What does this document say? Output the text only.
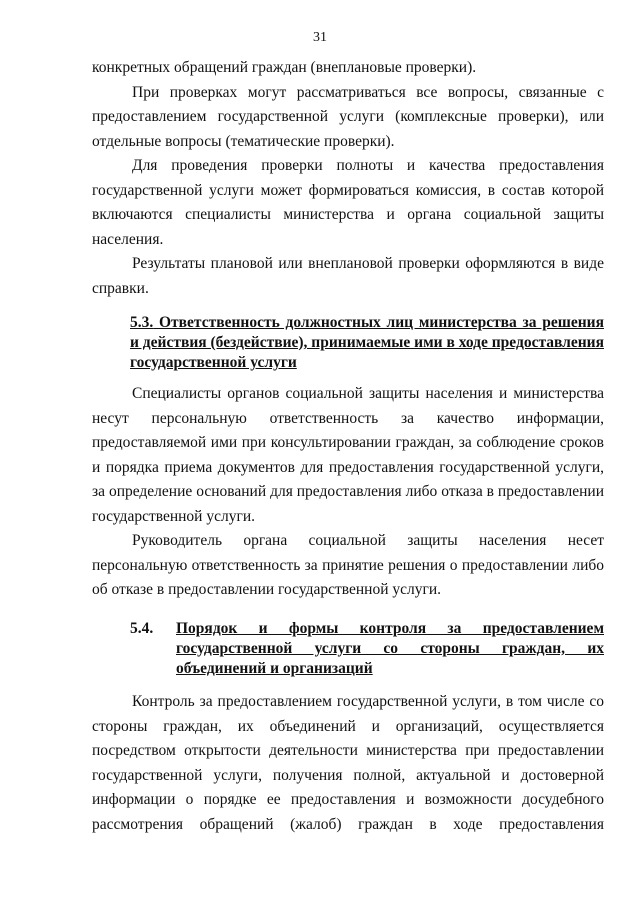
31

конкретных обращений граждан (внеплановые проверки).

При проверках могут рассматриваться все вопросы, связанные с предоставлением государственной услуги (комплексные проверки), или отдельные вопросы (тематические проверки).

Для проведения проверки полноты и качества предоставления государственной услуги может формироваться комиссия, в состав которой включаются специалисты министерства и органа социальной защиты населения.

Результаты плановой или внеплановой проверки оформляются в виде справки.

5.3. Ответственность должностных лиц министерства за решения и действия (бездействие), принимаемые ими в ходе предоставления государственной услуги

Специалисты органов социальной защиты населения и министерства несут персональную ответственность за качество информации, предоставляемой ими при консультировании граждан, за соблюдение сроков и порядка приема документов для предоставления государственной услуги, за определение оснований для предоставления либо отказа в предоставлении государственной услуги.

Руководитель органа социальной защиты населения несет персональную ответственность за принятие решения о предоставлении либо об отказе в предоставлении государственной услуги.

5.4. Порядок и формы контроля за предоставлением государственной услуги со стороны граждан, их объединений и организаций

Контроль за предоставлением государственной услуги, в том числе со стороны граждан, их объединений и организаций, осуществляется посредством открытости деятельности министерства при предоставлении государственной услуги, получения полной, актуальной и достоверной информации о порядке ее предоставления и возможности досудебного рассмотрения обращений (жалоб) граждан в ходе предоставления
